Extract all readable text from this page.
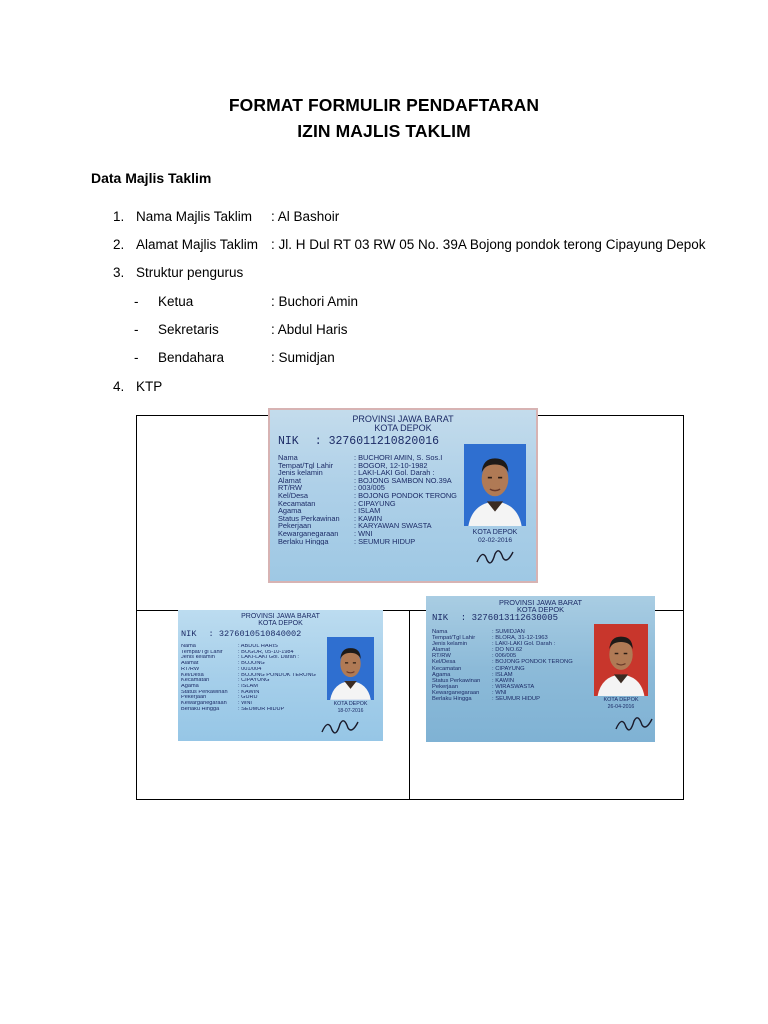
FORMAT FORMULIR PENDAFTARAN
IZIN MAJLIS TAKLIM
Data Majlis Taklim
1. Nama Majlis Taklim : Al Bashoir
2. Alamat Majlis Taklim : Jl. H Dul RT 03 RW 05 No. 39A Bojong pondok terong Cipayung Depok
3. Struktur pengurus
- Ketua	: Buchori Amin
- Sekretaris	: Abdul Haris
- Bendahara	: Sumidjan
4. KTP
PROVINSI JAWA BARAT
KOTA DEPOK
NIK : 3276011210820016
Nama	: BUCHORI AMIN, S. Sos.I
Tempat/Tgl Lahir	: BOGOR, 12-10-1982
Jenis kelamin	: LAKI-LAKI Gol. Darah :
Alamat	: BOJONG SAMBON NO.39A
RT/RW	: 003/005
Kel/Desa	: BOJONG PONDOK TERONG
Kecamatan	: CIPAYUNG
Agama	: ISLAM
Status Perkawinan : KAWIN
Pekerjaan	: KARYAWAN SWASTA
Kewarganegaraan : WNI
Berlaku Hingga	: SEUMUR HIDUP
KOTA DEPOK
02-02-2016
PROVINSI JAWA BARAT
KOTA DEPOK
NIK : 3276010510840002
Nama	: ABDUL HARIS
Tempat/Tgl Lahir	: BOGOR, 05-10-1984
Jenis kelamin	: LAKI-LAKI Gol. Darah :
Alamat	: BOJONG
RT/RW	: 001/004
Kel/Desa	: BOJONG PONDOK TERONG
Kecamatan	: CIPAYUNG
Agama	: ISLAM
Status Perkawinan : KAWIN
Pekerjaan	: GURU
Kewarganegaraan : WNI
Berlaku Hingga	: SEUMUR HIDUP
KOTA DEPOK
18-07-2016
PROVINSI JAWA BARAT
KOTA DEPOK
NIK : 3276013112630005
Nama	: SUMIDJAN
Tempat/Tgl Lahir	: BLORA, 31-12-1963
Jenis kelamin	: LAKI-LAKI Gol. Darah :
Alamat	: DO NO.62
RT/RW	: 006/005
Kel/Desa	: BOJONG PONDOK TERONG
Kecamatan	: CIPAYUNG
Agama	: ISLAM
Status Perkawinan : KAWIN
Pekerjaan	: WIRASWASTA
Kewarganegaraan : WNI
Berlaku Hingga	: SEUMUR HIDUP	KOTA DEPOK
26-04-2016
